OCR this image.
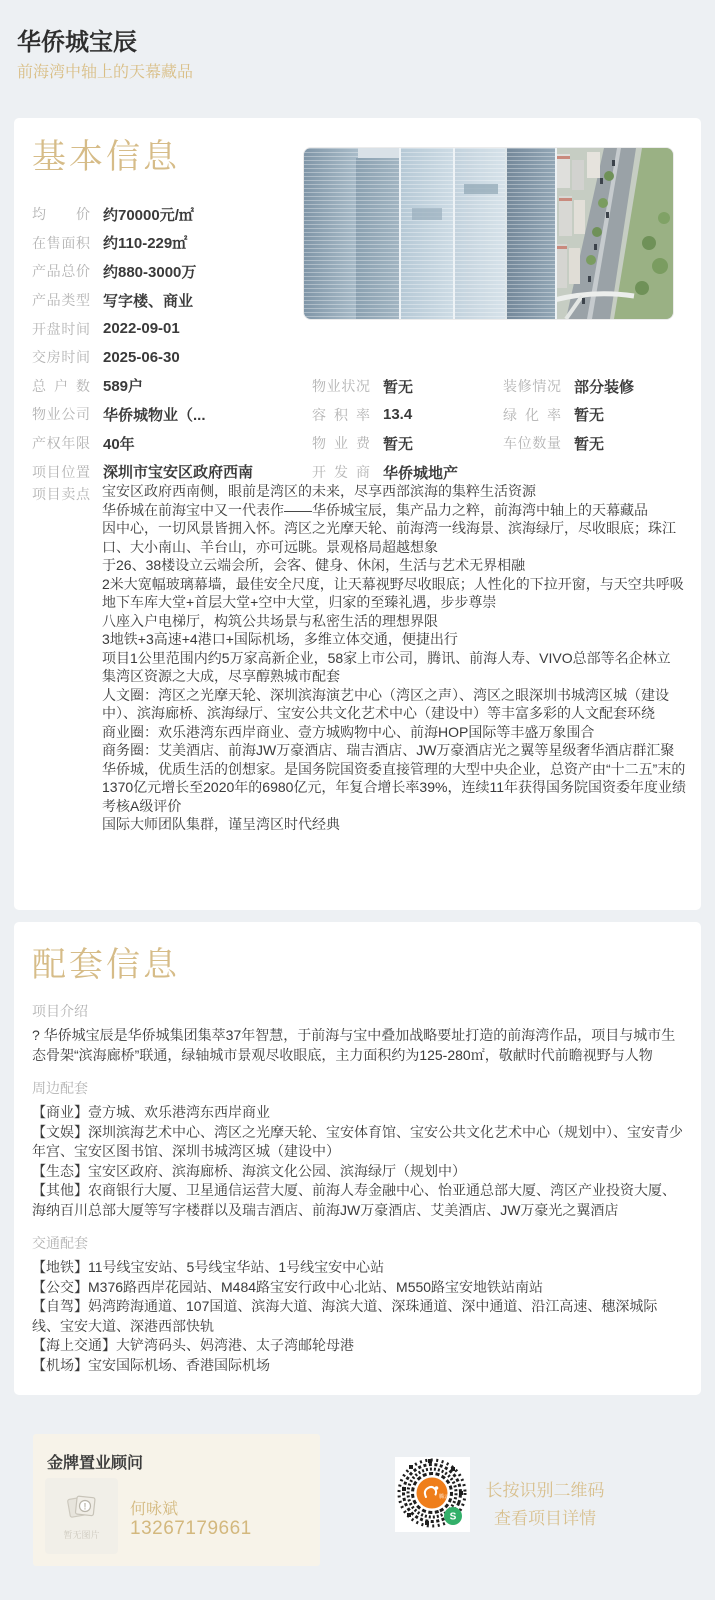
华侨城宝辰
前海湾中轴上的天幕藏品
基本信息
均价 约70000元/㎡
在售面积 约110-229㎡
产品总价 约880-3000万
产品类型 写字楼、商业
开盘时间 2022-09-01
交房时间 2025-06-30
总户数 589户
物业公司 华侨城物业（...
产权年限 40年
项目位置 深圳市宝安区政府西南
物业状况 暂无
容积率 13.4
物业费 暂无
开发商 华侨城地产
装修情况 部分装修
绿化率 暂无
车位数量 暂无
项目卖点 宝安区政府西南侧，眼前是湾区的未来，尽享西部滨海的集粹生活资源
华侨城在前海宝中又一代表作——华侨城宝辰，集产品力之粹，前海湾中轴上的天幕藏品
因中心，一切风景皆拥入怀。湾区之光摩天轮、前海湾一线海景、滨海绿厅，尽收眼底；珠江口、大小南山、羊台山，亦可远眺。景观格局超越想象
于26、38楼设立云端会所，会客、健身、休闲，生活与艺术无界相融
2米大宽幅玻璃幕墙，最佳安全尺度，让天幕视野尽收眼底；人性化的下拉开窗，与天空共呼吸
地下车库大堂+首层大堂+空中大堂，归家的至臻礼遇，步步尊崇
八座入户电梯厅，构筑公共场景与私密生活的理想界限
3地铁+3高速+4港口+国际机场，多维立体交通，便捷出行
项目1公里范围内约5万家高新企业，58家上市公司，腾讯、前海人寿、VIVO总部等名企林立
集湾区资源之大成，尽享醇熟城市配套
人文圈：湾区之光摩天轮、深圳滨海演艺中心（湾区之声）、湾区之眼深圳书城湾区城（建设中）、滨海廊桥、滨海绿厅、宝安公共文化艺术中心（建设中）等丰富多彩的人文配套环绕
商业圈：欢乐港湾东西岸商业、壹方城购物中心、前海HOP国际等丰盛万象围合
商务圈：艾美酒店、前海JW万豪酒店、瑞吉酒店、JW万豪酒店光之翼等星级奢华酒店群汇聚
华侨城，优质生活的创想家。是国务院国资委直接管理的大型中央企业，总资产由“十二五”末的1370亿元增长至2020年的6980亿元，年复合增长率39%，连续11年获得国务院国资委年度业绩考核A级评价
国际大师团队集群，谨呈湾区时代经典
配套信息
项目介绍

? 华侨城宝辰是华侨城集团集萃37年智慧，于前海与宝中叠加战略要址打造的前海湾作品，项目与城市生态骨架“滨海廊桥”联通，绿轴城市景观尽收眼底，主力面积约为125-280㎡，敬献时代前瞻视野与人物

周边配套
【商业】壹方城、欢乐港湾东西岸商业
【文娱】深圳滨海艺术中心、湾区之光摩天轮、宝安体育馆、宝安公共文化艺术中心（规划中）、宝安青少年宫、宝安区图书馆、深圳书城湾区城（建设中）
【生态】宝安区政府、滨海廊桥、海滨文化公园、滨海绿厅（规划中）
【其他】农商银行大厦、卫星通信运营大厦、前海人寿金融中心、怡亚通总部大厦、湾区产业投资大厦、海纳百川总部大厦等写字楼群以及瑞吉酒店、前海JW万豪酒店、艾美酒店、JW万豪光之翼酒店
交通配套
【地铁】11号线宝安站、5号线宝华站、1号线宝安中心站
【公交】M376路西岸花园站、M484路宝安行政中心北站、M550路宝安地铁站南站
【自驾】妈湾跨海通道、107国道、滨海大道、海滨大道、深珠通道、深中通道、沿江高速、穗深城际线、宝安大道、深港西部快轨
【海上交通】大铲湾码头、妈湾港、太子湾邮轮母港
【机场】宝安国际机场、香港国际机场
金牌置业顾问
!
暂无图片
何咏斌
13267179661
腾云
S
长按识别二维码
查看项目详情
